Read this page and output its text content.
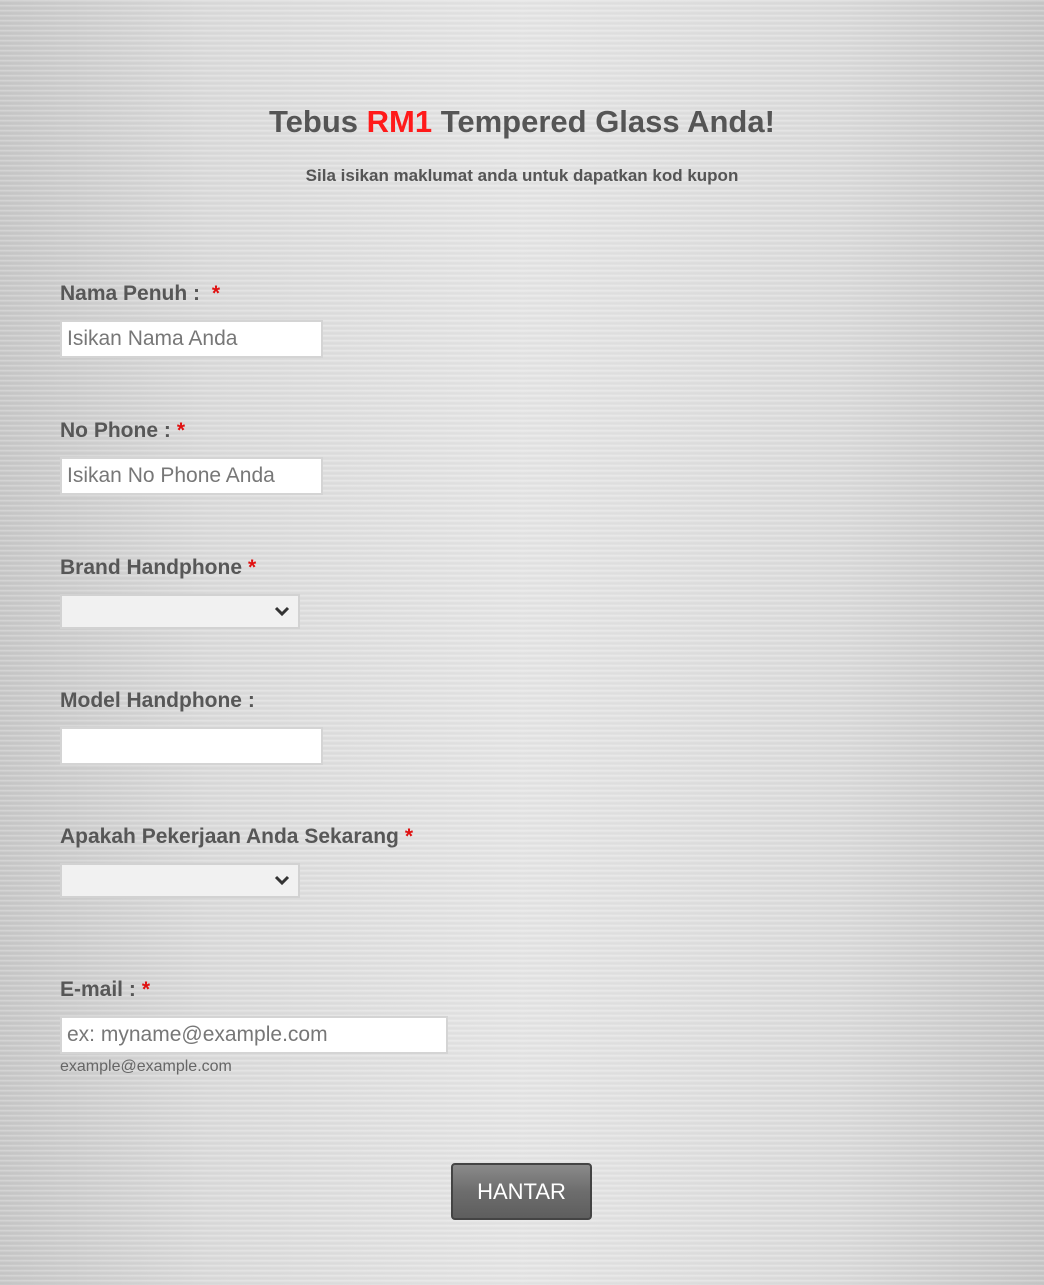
Tebus RM1 Tempered Glass Anda!
Sila isikan maklumat anda untuk dapatkan kod kupon
Nama Penuh : *
Isikan Nama Anda
No Phone : *
Isikan No Phone Anda
Brand Handphone *
Model Handphone :
Apakah Pekerjaan Anda Sekarang *
E-mail : *
ex: myname@example.com
example@example.com
HANTAR
